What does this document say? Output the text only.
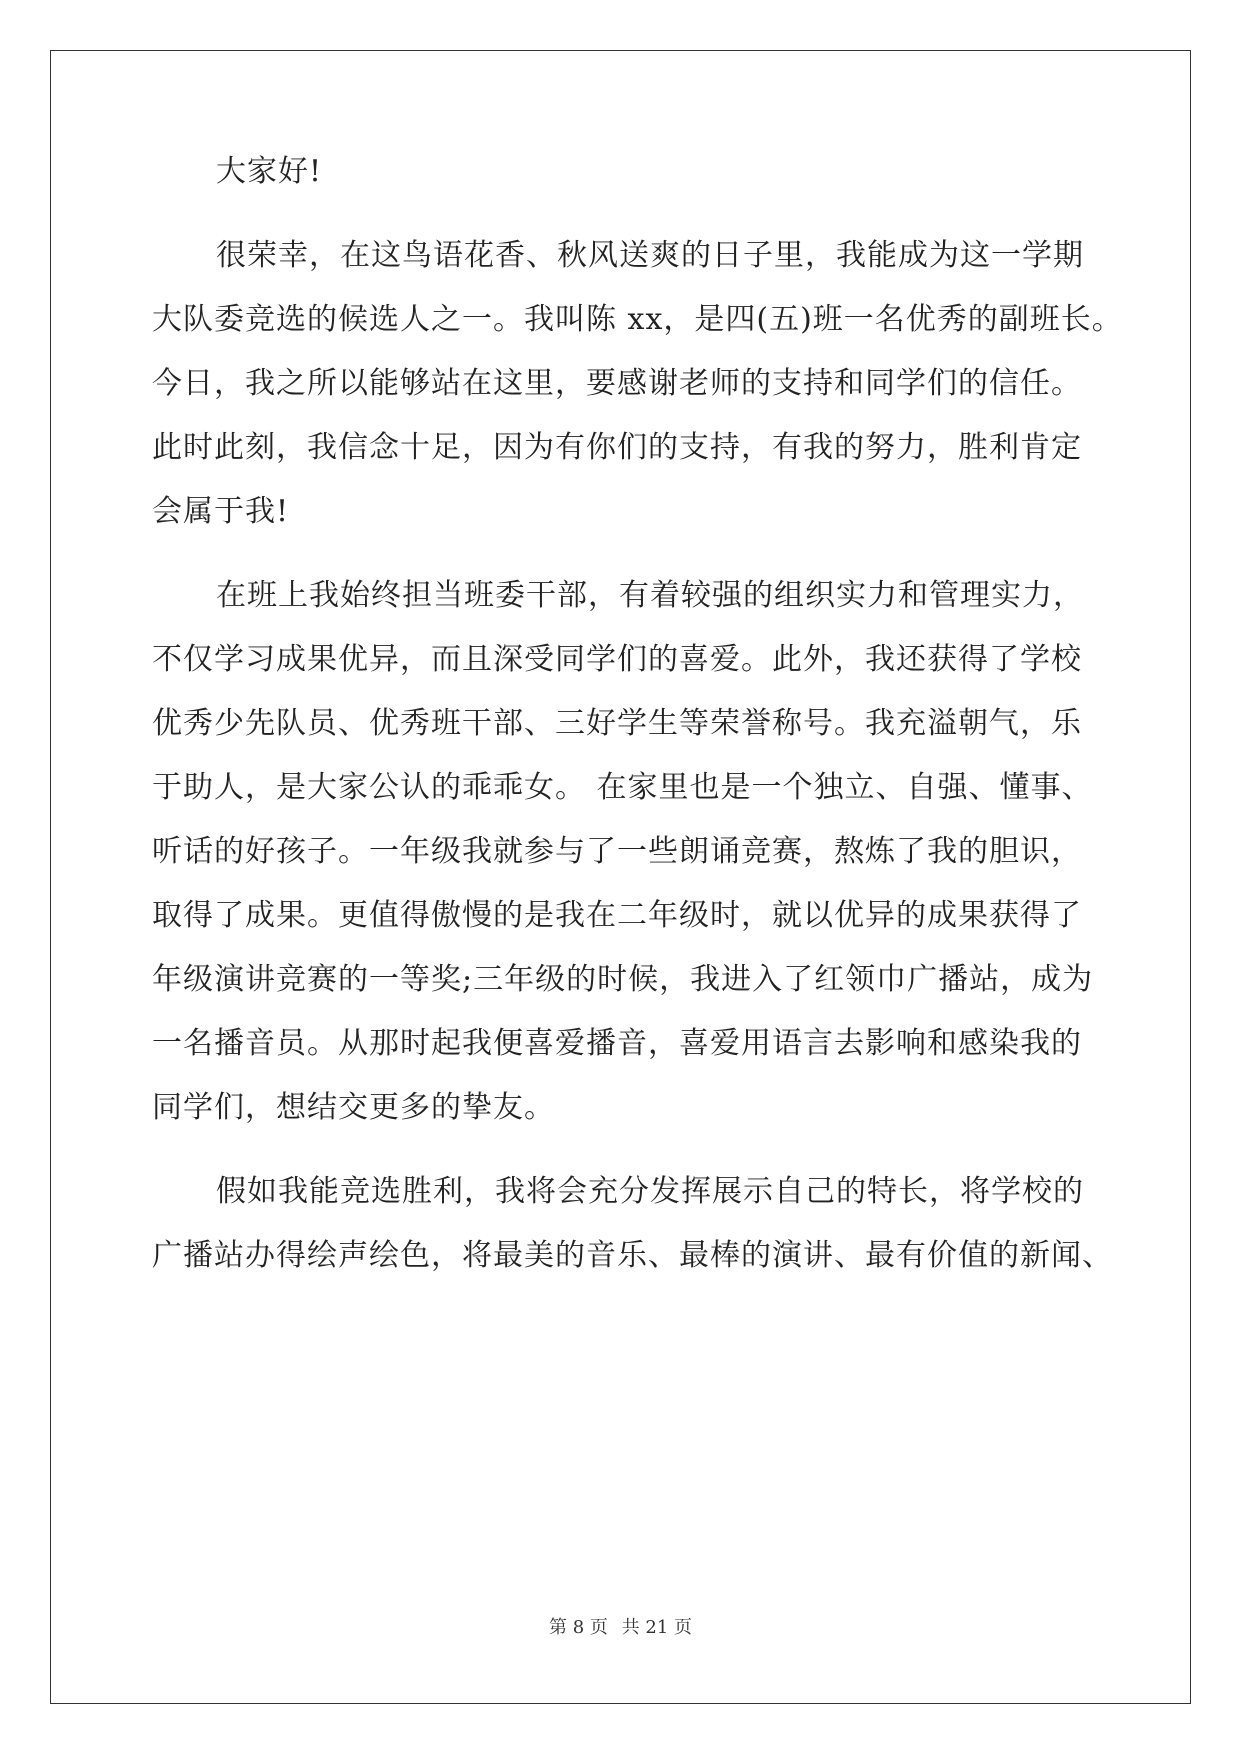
大家好!
很荣幸，在这鸟语花香、秋风送爽的日子里，我能成为这一学期
大队委竞选的候选人之一。我叫陈 xx，是四(五)班一名优秀的副班长。
今日，我之所以能够站在这里，要感谢老师的支持和同学们的信任。
此时此刻，我信念十足，因为有你们的支持，有我的努力，胜利肯定
会属于我!
在班上我始终担当班委干部，有着较强的组织实力和管理实力，
不仅学习成果优异，而且深受同学们的喜爱。此外，我还获得了学校
优秀少先队员、优秀班干部、三好学生等荣誉称号。我充溢朝气，乐
于助人，是大家公认的乖乖女。 在家里也是一个独立、自强、懂事、
听话的好孩子。一年级我就参与了一些朗诵竞赛，熬炼了我的胆识，
取得了成果。更值得傲慢的是我在二年级时，就以优异的成果获得了
年级演讲竞赛的一等奖;三年级的时候，我进入了红领巾广播站，成为
一名播音员。从那时起我便喜爱播音，喜爱用语言去影响和感染我的
同学们，想结交更多的挚友。
假如我能竞选胜利，我将会充分发挥展示自己的特长，将学校的
广播站办得绘声绘色，将最美的音乐、最棒的演讲、最有价值的新闻、
第 8 页 共 21 页
